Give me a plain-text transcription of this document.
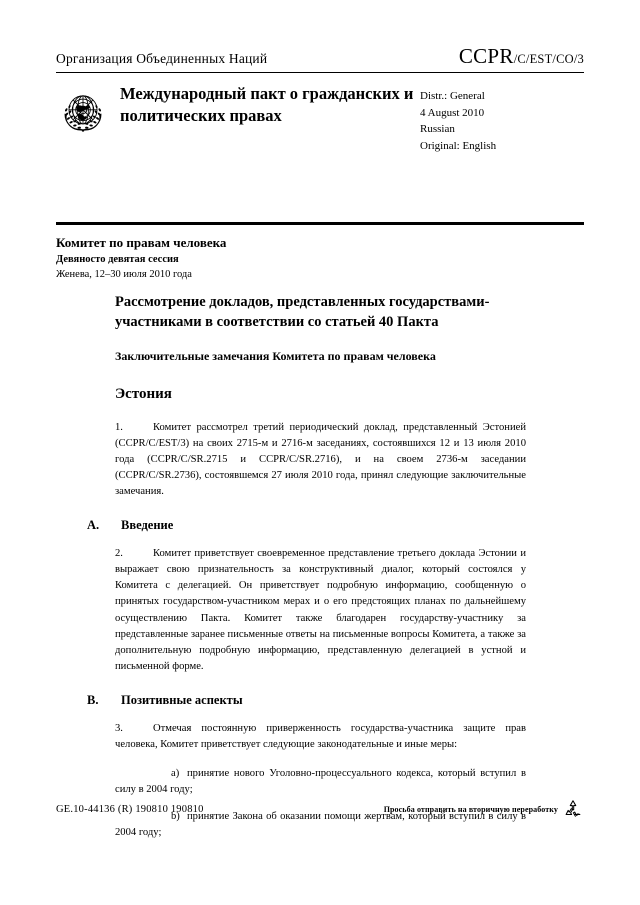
Организация Объединенных Наций	CCPR/C/EST/CO/3
Международный пакт о гражданских и политических правах
Distr.: General
4 August 2010
Russian
Original: English
Комитет по правам человека
Девяносто девятая сессия
Женева, 12–30 июля 2010 года
Рассмотрение докладов, представленных государствами-участниками в соответствии со статьей 40 Пакта
Заключительные замечания Комитета по правам человека
Эстония

1.	Комитет рассмотрел третий периодический доклад, представленный Эстонией (CCPR/C/EST/3) на своих 2715-м и 2716-м заседаниях, состоявшихся 12 и 13 июля 2010 года (CCPR/C/SR.2715 и CCPR/C/SR.2716), и на своем 2736-м заседании (CCPR/C/SR.2736), состоявшемся 27 июля 2010 года, принял следующие заключительные замечания.

A.	Введение

2.	Комитет приветствует своевременное представление третьего доклада Эстонии и выражает свою признательность за конструктивный диалог, который состоялся у Комитета с делегацией. Он приветствует подробную информацию, сообщенную о принятых государством-участником мерах и о его предстоящих планах по дальнейшему осуществлению Пакта. Комитет также благодарен государству-участнику за представленные заранее письменные ответы на письменные вопросы Комитета, а также за дополнительную подробную информацию, представленную делегацией в устной и письменной форме.

B.	Позитивные аспекты

3.	Отмечая постоянную приверженность государства-участника защите прав человека, Комитет приветствует следующие законодательные и иные меры:

a) принятие нового Уголовно-процессуального кодекса, который вступил в силу в 2004 году;

b) принятие Закона об оказании помощи жертвам, который вступил в силу в 2004 году;

GE.10-44136 (R) 190810 190810	Просьба отправить на вторичную переработку
